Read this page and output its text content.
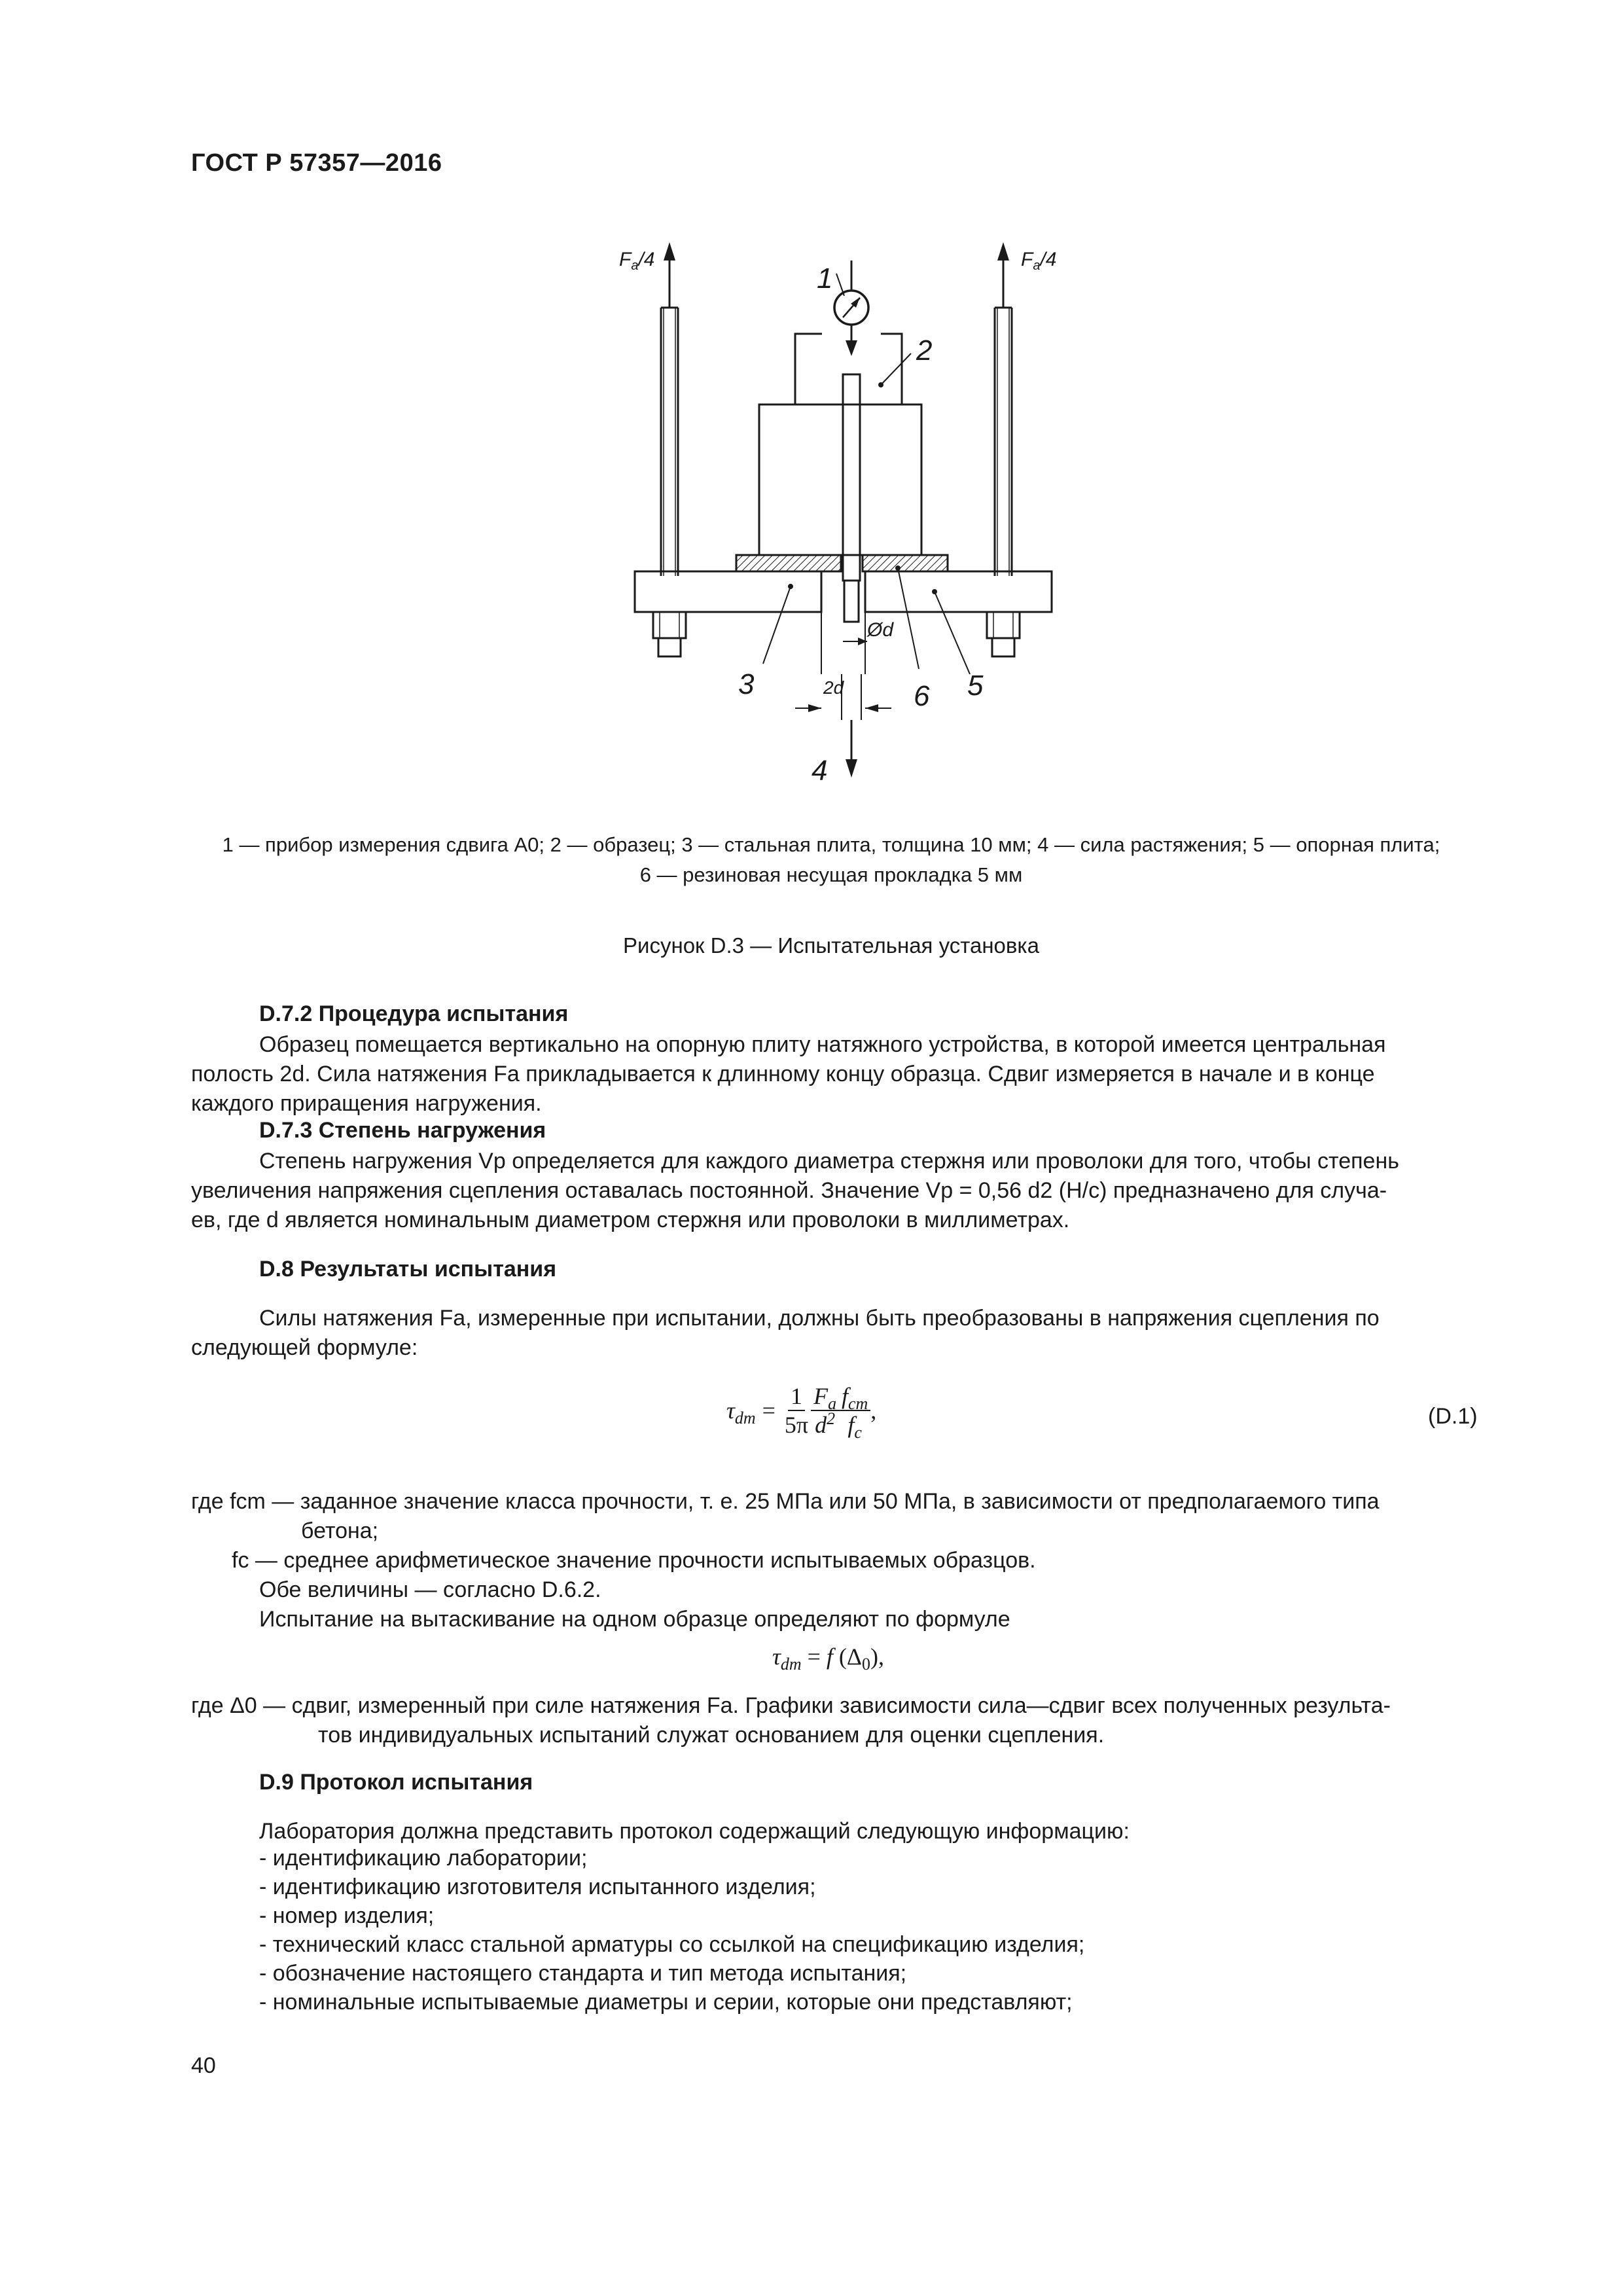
ГОСТ Р 57357—2016
$F_a/4$	$F_a/4$
1
2
3
4
5
6
Ød
2d
1 — прибор измерения сдвига A0; 2 — образец; 3 — стальная плита, толщина 10 мм; 4 — сила растяжения; 5 — опорная плита;
6 — резиновая несущая прокладка 5 мм
Рисунок D.3 — Испытательная установка
D.7.2 Процедура испытания
Образец помещается вертикально на опорную плиту натяжного устройства, в которой имеется центральная
полость 2d. Сила натяжения Fa прикладывается к длинному концу образца. Сдвиг измеряется в начале и в конце
каждого приращения нагружения.
D.7.3 Степень нагружения
Степень нагружения Vp определяется для каждого диаметра стержня или проволоки для того, чтобы степень
увеличения напряжения сцепления оставалась постоянной. Значение Vp = 0,56 d2 (Н/с) предназначено для случа-
ев, где d является номинальным диаметром стержня или проволоки в миллиметрах.
D.8 Результаты испытания
Силы натяжения Fa, измеренные при испытании, должны быть преобразованы в напряжения сцепления по
следующей формуле:
$\tau_{dm} = \frac{1}{5\pi} \frac{F_a}{d^2} \frac{f_{cm}}{f_c}$ ,	(D.1)
где fcm — заданное значение класса прочности, т. е. 25 МПа или 50 МПа, в зависимости от предполагаемого типа
бетона;
fc — среднее арифметическое значение прочности испытываемых образцов.
Обе величины — согласно D.6.2.
Испытание на вытаскивание на одном образце определяют по формуле
$\tau_{dm} = f$ $(\Delta_0)$,
где Δ0 — сдвиг, измеренный при силе натяжения Fa. Графики зависимости сила—сдвиг всех полученных результа-
тов индивидуальных испытаний служат основанием для оценки сцепления.
D.9 Протокол испытания
Лаборатория должна представить протокол содержащий следующую информацию:
- идентификацию лаборатории;
- идентификацию изготовителя испытанного изделия;
- номер изделия;
- технический класс стальной арматуры со ссылкой на спецификацию изделия;
- обозначение настоящего стандарта и тип метода испытания;
- номинальные испытываемые диаметры и серии, которые они представляют;
40
